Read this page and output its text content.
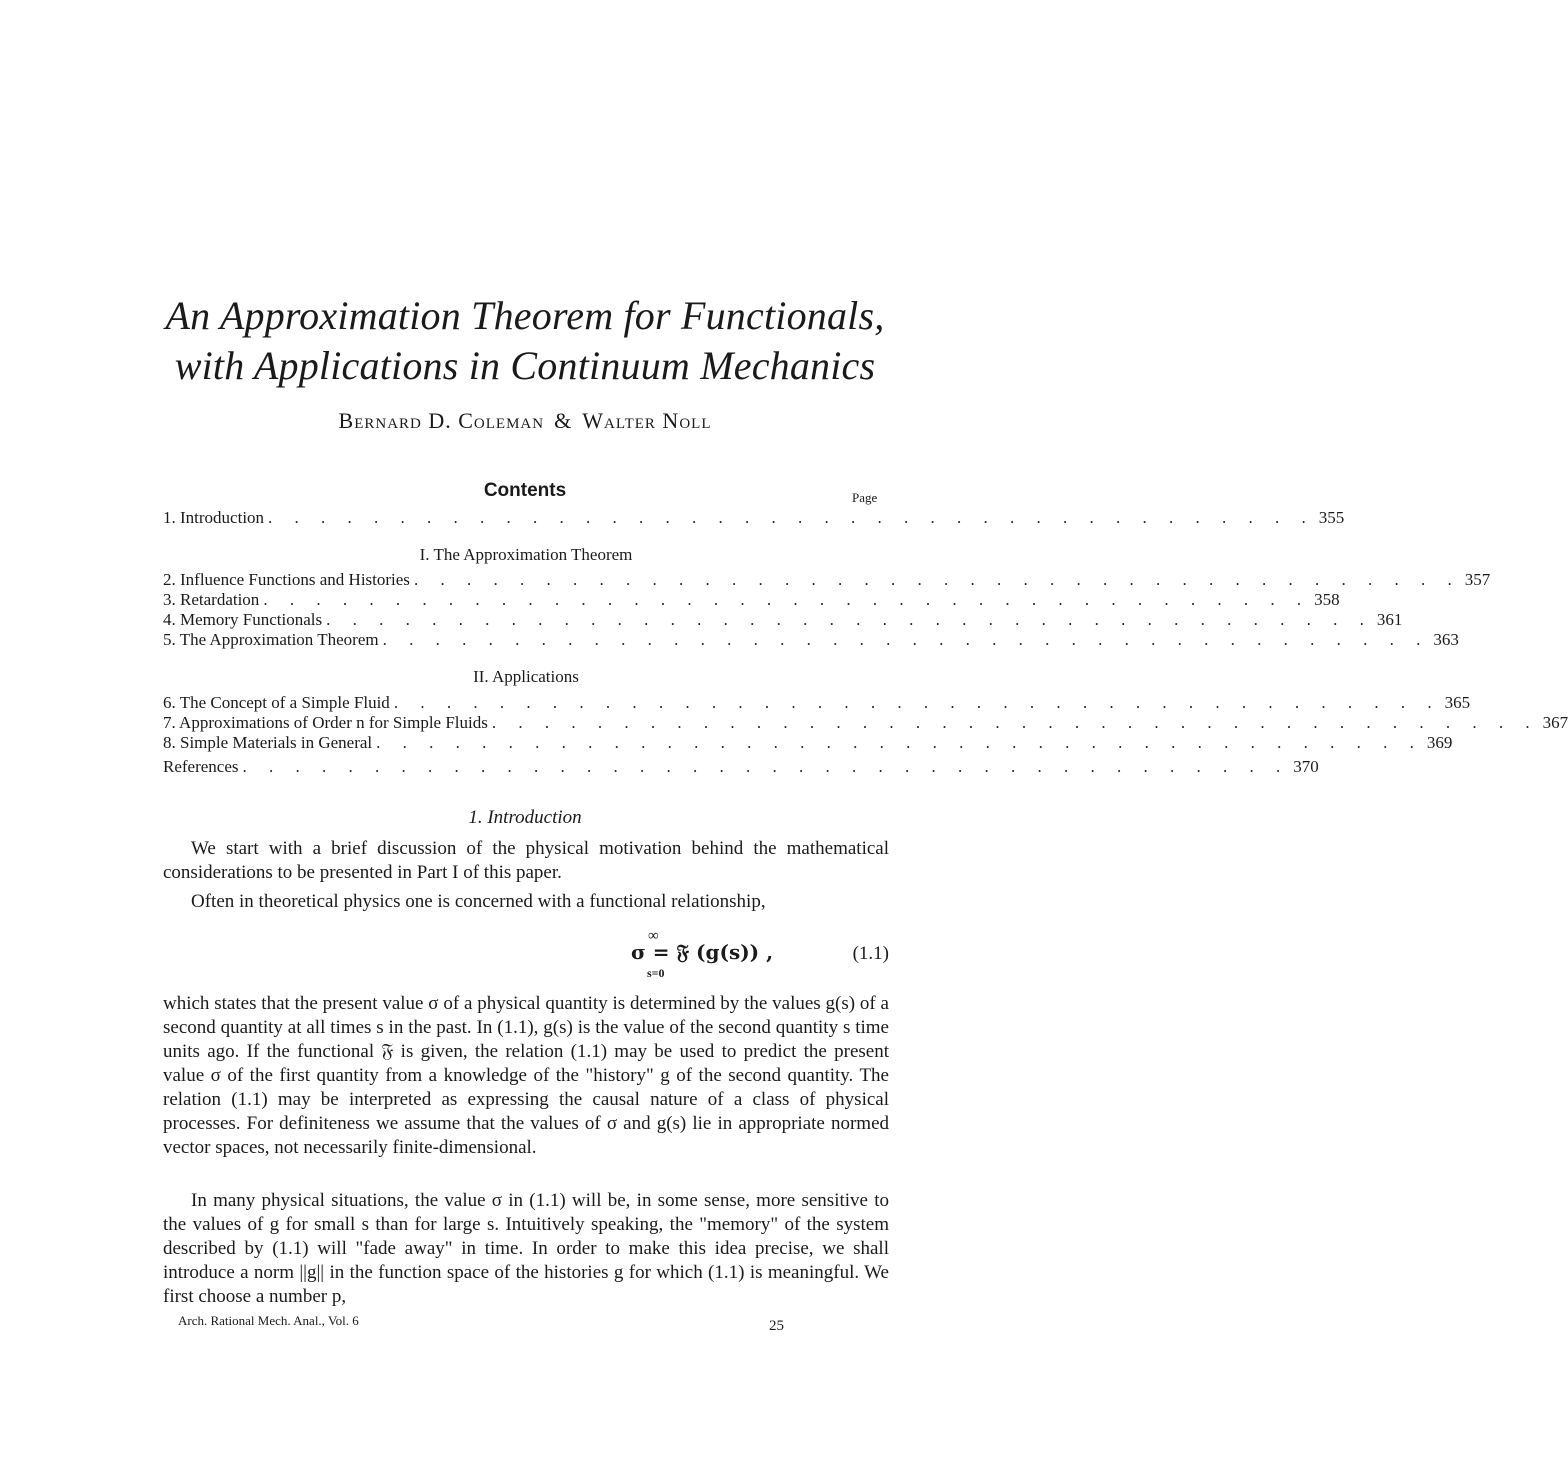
An Approximation Theorem for Functionals,
with Applications in Continuum Mechanics
Bernard D. Coleman & Walter Noll
Contents	Page
1. Introduction . . . . . . . . . . . . . . . . . . . . . . . . . . . . . . . . . . . . . . . . 355
I. The Approximation Theorem
2. Influence Functions and Histories . . . . . . . . . . . . . . . . . . . . . . . . . . . . . . . . . . . . . . . . 357
3. Retardation . . . . . . . . . . . . . . . . . . . . . . . . . . . . . . . . . . . . . . . . 358
4. Memory Functionals . . . . . . . . . . . . . . . . . . . . . . . . . . . . . . . . . . . . . . . . 361
5. The Approximation Theorem . . . . . . . . . . . . . . . . . . . . . . . . . . . . . . . . . . . . . . . . 363
II. Applications
6. The Concept of a Simple Fluid . . . . . . . . . . . . . . . . . . . . . . . . . . . . . . . . . . . . . . . . 365
7. Approximations of Order n for Simple Fluids . . . . . . . . . . . . . . . . . . . . . . . . . . . . . . . . . . . . . . . . 367
8. Simple Materials in General . . . . . . . . . . . . . . . . . . . . . . . . . . . . . . . . . . . . . . . . 369
References . . . . . . . . . . . . . . . . . . . . . . . . . . . . . . . . . . . . . . . . 370
1. Introduction

We start with a brief discussion of the physical motivation behind the mathematical considerations to be presented in Part I of this paper.

Often in theoretical physics one is concerned with a functional relationship,

∞
σ = 𝔉 (g(s)) ,
s=0
(1.1)

which states that the present value σ of a physical quantity is determined by the values g(s) of a second quantity at all times s in the past. In (1.1), g(s) is the value of the second quantity s time units ago. If the functional 𝔉 is given, the relation (1.1) may be used to predict the present value σ of the first quantity from a knowledge of the "history" g of the second quantity. The relation (1.1) may be interpreted as expressing the causal nature of a class of physical processes. For definiteness we assume that the values of σ and g(s) lie in appropriate normed vector spaces, not necessarily finite-dimensional.

In many physical situations, the value σ in (1.1) will be, in some sense, more sensitive to the values of g for small s than for large s. Intuitively speaking, the "memory" of the system described by (1.1) will "fade away" in time. In order to make this idea precise, we shall introduce a norm ||g|| in the function space of the histories g for which (1.1) is meaningful. We first choose a number p,

Arch. Rational Mech. Anal., Vol. 6	25
